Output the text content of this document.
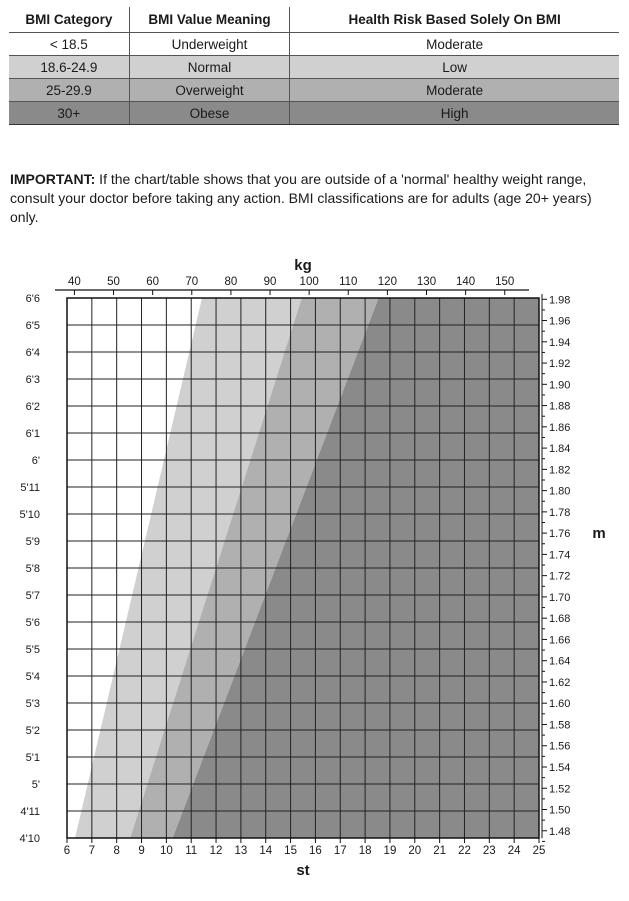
BMI Category	BMI Value Meaning	Health Risk Based Solely On BMI
< 18.5	Underweight	Moderate
18.6-24.9	Normal	Low
25-29.9	Overweight	Moderate
30+	Obese	High

IMPORTANT: If the chart/table shows that you are outside of a 'normal' healthy weight range, consult your doctor before taking any action. BMI classifications are for adults (age 20+ years) only.

40 50 60 70 80 90 100 110 120 130 140 150
kg
6 7 8 9 10 11 12 13 14 15 16 17 18 19 20 21 22 23 24 25
st
4'10
4'11
5'
5'1
5'2
5'3
5'4
5'5
5'6
5'7
5'8
5'9
5'10
5'11
6'
6'1
6'2
6'3
6'4
6'5
6'6
1.48
1.50
1.52
1.54
1.56
1.58
1.60
1.62
1.64
1.66
1.68
1.70
1.72
1.74
1.76
1.78
1.80
1.82
1.84
1.86
1.88
1.90
1.92
1.94
1.96
1.98
m
